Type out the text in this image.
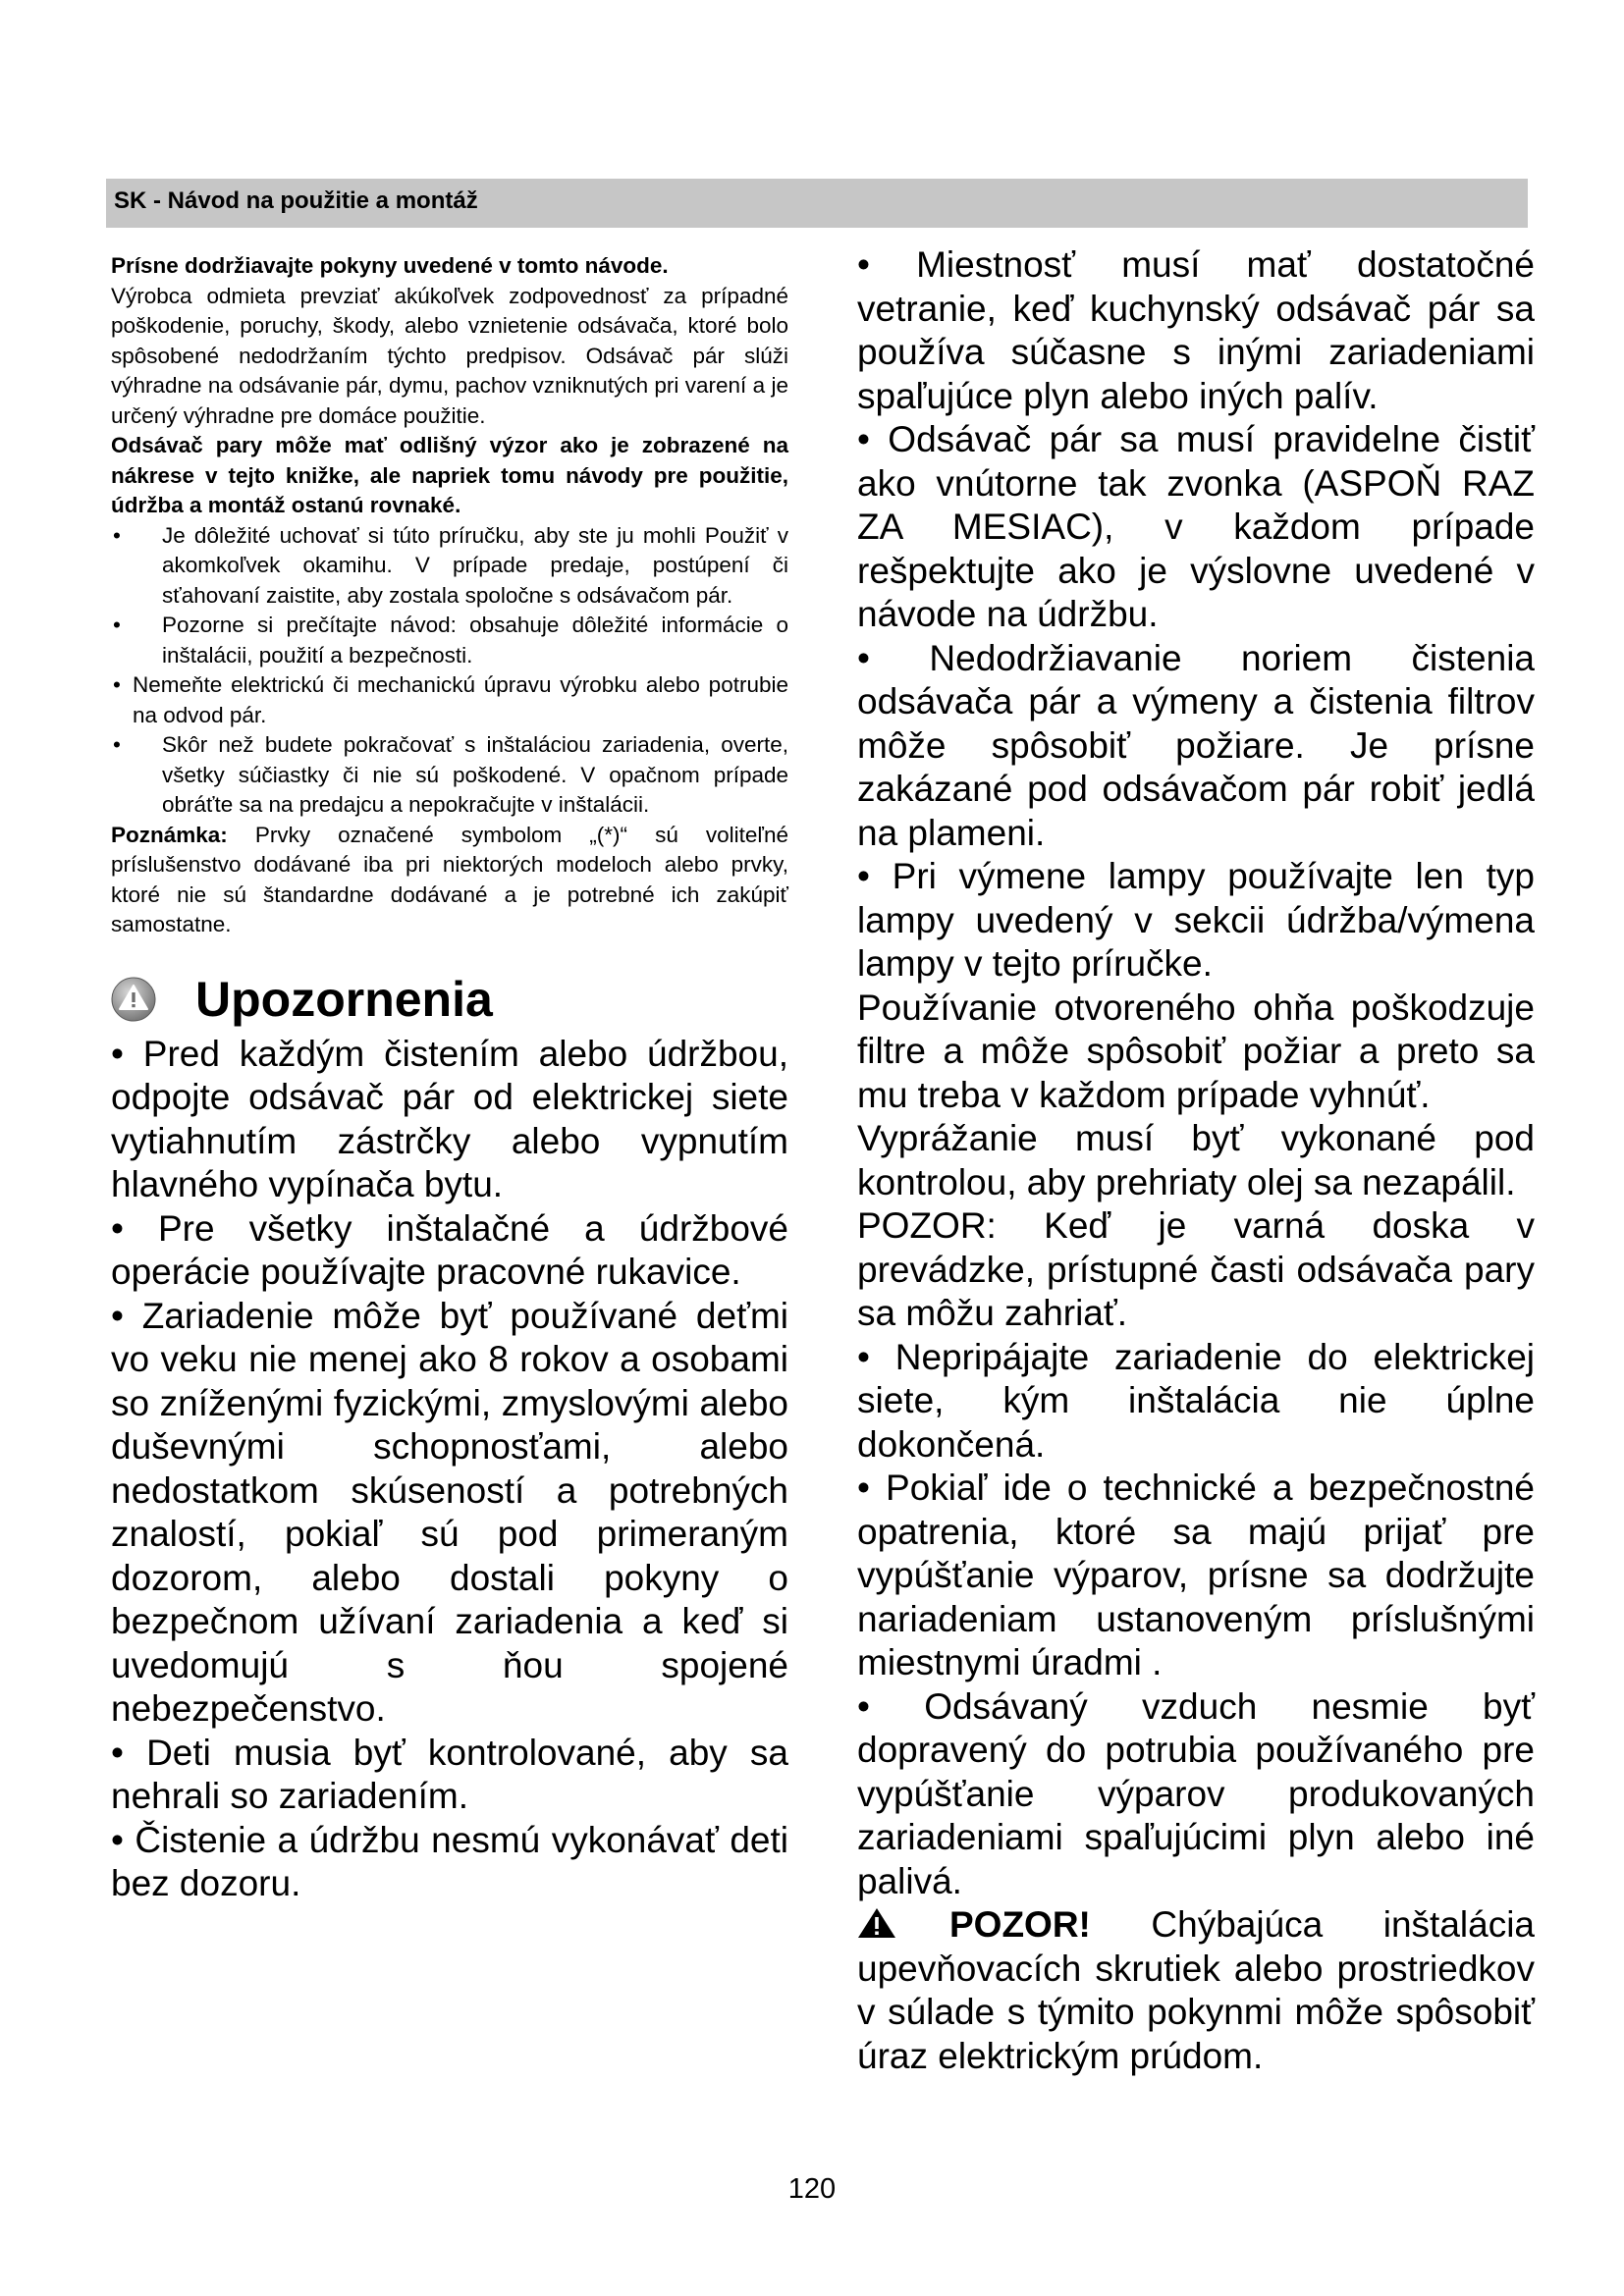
SK - Návod na použitie a montáž

Prísne dodržiavajte pokyny uvedené v tomto návode.

Výrobca odmieta prevziať akúkoľvek zodpovednosť za prípadné poškodenie, poruchy, škody, alebo vznietenie odsávača, ktoré bolo spôsobené nedodržaním týchto predpisov. Odsávač pár slúži výhradne na odsávanie pár, dymu, pachov vzniknutých pri varení a je určený výhradne pre domáce použitie.

Odsávač pary môže mať odlišný výzor ako je zobrazené na nákrese v tejto knižke, ale napriek tomu návody pre použitie, údržba a montáž ostanú rovnaké.

• Je dôležité uchovať si túto príručku, aby ste ju mohli Použiť v akomkoľvek okamihu. V prípade predaje, postúpení či sťahovaní zaistite, aby zostala spoločne s odsávačom pár.
• Pozorne si prečítajte návod: obsahuje dôležité informácie o inštalácii, použití a bezpečnosti.
• Nemeňte elektrickú či mechanickú úpravu výrobku alebo potrubie na odvod pár.
• Skôr než budete pokračovať s inštaláciou zariadenia, overte, všetky súčiastky či nie sú poškodené. V opačnom prípade obráťte sa na predajcu a nepokračujte v inštalácii.

Poznámka: Prvky označené symbolom „(*)“ sú voliteľné príslušenstvo dodávané iba pri niektorých modeloch alebo prvky, ktoré nie sú štandardne dodávané a je potrebné ich zakúpiť samostatne.

Upozornenia

• Pred každým čistením alebo údržbou, odpojte odsávač pár od elektrickej siete vytiahnutím zástrčky alebo vypnutím hlavného vypínača bytu.

• Pre všetky inštalačné a údržbové operácie používajte pracovné rukavice.

• Zariadenie môže byť používané deťmi vo veku nie menej ako 8 rokov a osobami so zníženými fyzickými, zmyslovými alebo duševnými schopnosťami, alebo nedostatkom skúseností a potrebných znalostí, pokiaľ sú pod primeraným dozorom, alebo dostali pokyny o bezpečnom užívaní zariadenia a keď si uvedomujú s ňou spojené nebezpečenstvo.

• Deti musia byť kontrolované, aby sa nehrali so zariadením.

• Čistenie a údržbu nesmú vykonávať deti bez dozoru.

• Miestnosť musí mať dostatočné vetranie, keď kuchynský odsávač pár sa používa súčasne s inými zariadeniami spaľujúce plyn alebo iných palív.

• Odsávač pár sa musí pravidelne čistiť ako vnútorne tak zvonka (ASPOŇ RAZ ZA MESIAC), v každom prípade rešpektujte ako je výslovne uvedené v návode na údržbu.

• Nedodržiavanie noriem čistenia odsávača pár a výmeny a čistenia filtrov môže spôsobiť požiare. Je prísne zakázané pod odsávačom pár robiť jedlá na plameni.

• Pri výmene lampy používajte len typ lampy uvedený v sekcii údržba/výmena lampy v tejto príručke.

Používanie otvoreného ohňa poškodzuje filtre a môže spôsobiť požiar a preto sa mu treba v každom prípade vyhnúť.

Vyprážanie musí byť vykonané pod kontrolou, aby prehriaty olej sa nezapálil.

POZOR: Keď je varná doska v prevádzke, prístupné časti odsávača pary sa môžu zahriať.

• Nepripájajte zariadenie do elektrickej siete, kým inštalácia nie úplne dokončená.

• Pokiaľ ide o technické a bezpečnostné opatrenia, ktoré sa majú prijať pre vypúšťanie výparov, prísne sa dodržujte nariadeniam ustanoveným príslušnými miestnymi úradmi .

• Odsávaný vzduch nesmie byť dopravený do potrubia používaného pre vypúšťanie výparov produkovaných zariadeniami spaľujúcimi plyn alebo iné palivá.

POZOR! Chýbajúca inštalácia upevňovacích skrutiek alebo prostriedkov v súlade s týmito pokynmi môže spôsobiť úraz elektrickým prúdom.

120
